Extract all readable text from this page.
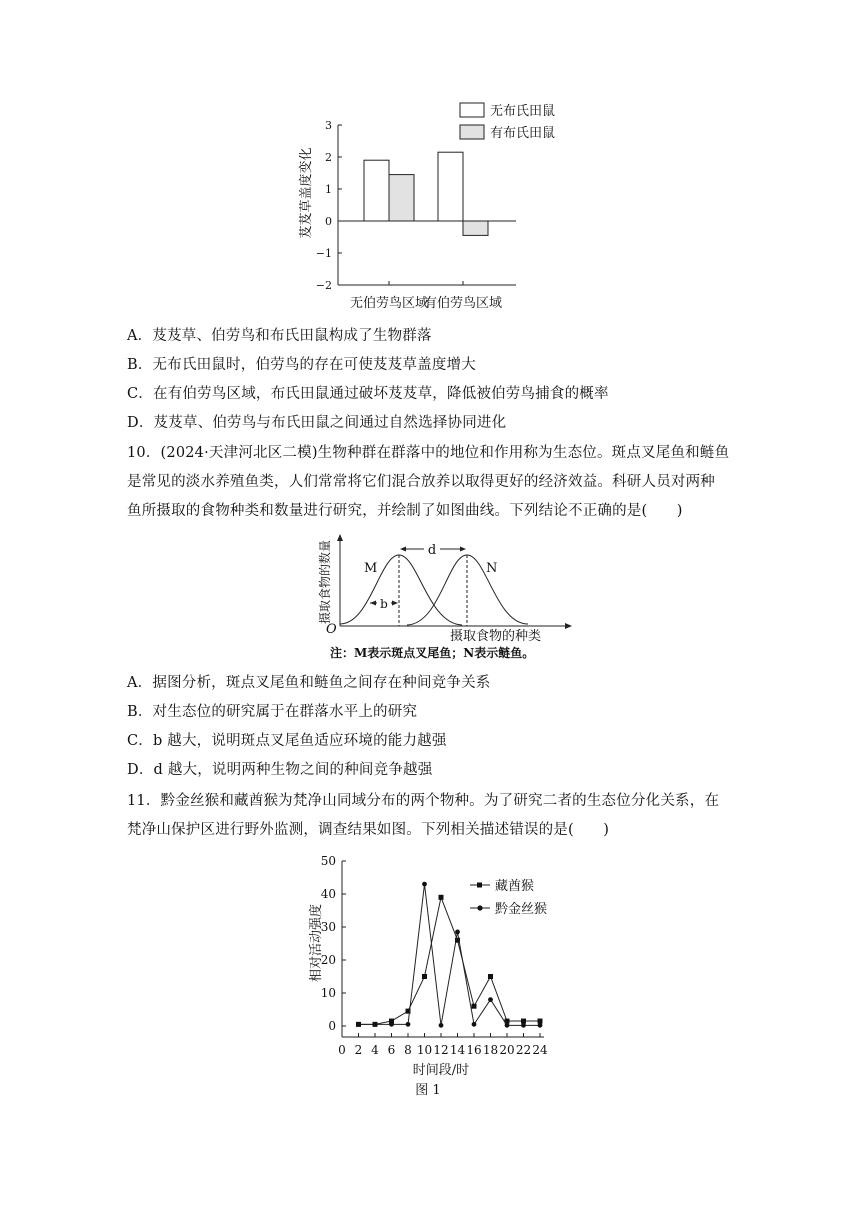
3
2
1
0
−1
−2
无布氏田鼠
有布氏田鼠
芨芨草盖度变化
无伯劳鸟区域
有伯劳鸟区域
A．芨芨草、伯劳鸟和布氏田鼠构成了生物群落
B．无布氏田鼠时，伯劳鸟的存在可使芨芨草盖度增大
C．在有伯劳鸟区域，布氏田鼠通过破坏芨芨草，降低被伯劳鸟捕食的概率
D．芨芨草、伯劳鸟与布氏田鼠之间通过自然选择协同进化
10．(2024·天津河北区二模)生物种群在群落中的地位和作用称为生态位。斑点叉尾鱼和鲢鱼
是常见的淡水养殖鱼类，人们常常将它们混合放养以取得更好的经济效益。科研人员对两种
鱼所摄取的食物种类和数量进行研究，并绘制了如图曲线。下列结论不正确的是(　　)
O
摄取食物的数量
摄取食物的种类
d
b
M	N
注：M表示斑点叉尾鱼；N表示鲢鱼。
A．据图分析，斑点叉尾鱼和鲢鱼之间存在种间竞争关系
B．对生态位的研究属于在群落水平上的研究
C．b 越大，说明斑点叉尾鱼适应环境的能力越强
D．d 越大，说明两种生物之间的种间竞争越强
11．黔金丝猴和藏酋猴为梵净山同域分布的两个物种。为了研究二者的生态位分化关系，在
梵净山保护区进行野外监测，调查结果如图。下列相关描述错误的是(　　)
50
40
30
20
10
0
0 2 4 6 8 10 12 14 16 18 20 22 24
相对活动强度
时间段/时
图 1
藏酋猴
黔金丝猴
